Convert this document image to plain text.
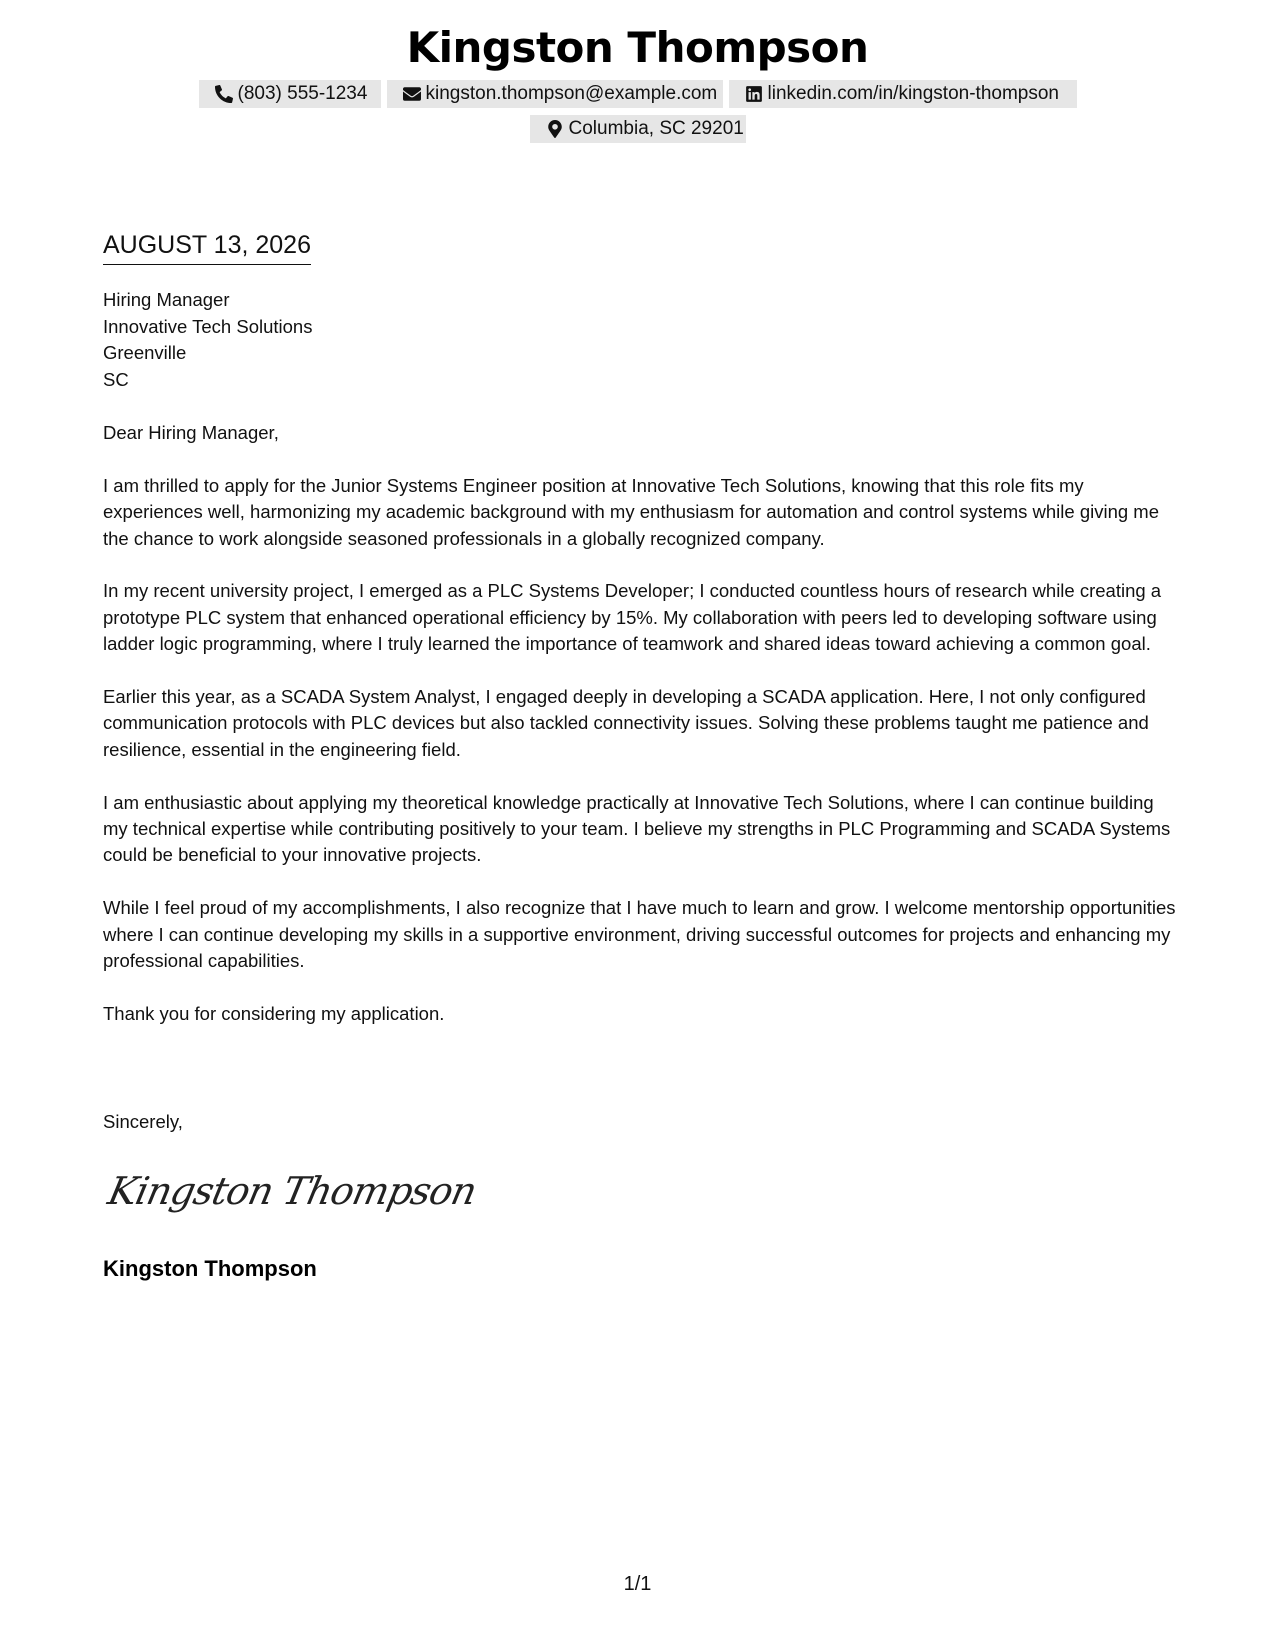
Kingston Thompson
(803) 555-1234	kingston.thompson@example.com	linkedin.com/in/kingston-thompson
Columbia, SC 29201
AUGUST 13, 2026
Hiring Manager
Innovative Tech Solutions
Greenville
SC

Dear Hiring Manager,

I am thrilled to apply for the Junior Systems Engineer position at Innovative Tech Solutions, knowing that this role fits my experiences well, harmonizing my academic background with my enthusiasm for automation and control systems while giving me the chance to work alongside seasoned professionals in a globally recognized company.

In my recent university project, I emerged as a PLC Systems Developer; I conducted countless hours of research while creating a prototype PLC system that enhanced operational efficiency by 15%. My collaboration with peers led to developing software using ladder logic programming, where I truly learned the importance of teamwork and shared ideas toward achieving a common goal.

Earlier this year, as a SCADA System Analyst, I engaged deeply in developing a SCADA application. Here, I not only configured communication protocols with PLC devices but also tackled connectivity issues. Solving these problems taught me patience and resilience, essential in the engineering field.

I am enthusiastic about applying my theoretical knowledge practically at Innovative Tech Solutions, where I can continue building my technical expertise while contributing positively to your team. I believe my strengths in PLC Programming and SCADA Systems could be beneficial to your innovative projects.

While I feel proud of my accomplishments, I also recognize that I have much to learn and grow. I welcome mentorship opportunities where I can continue developing my skills in a supportive environment, driving successful outcomes for projects and enhancing my professional capabilities.

Thank you for considering my application.

Sincerely,
Kingston Thompson
Kingston Thompson
1/1
